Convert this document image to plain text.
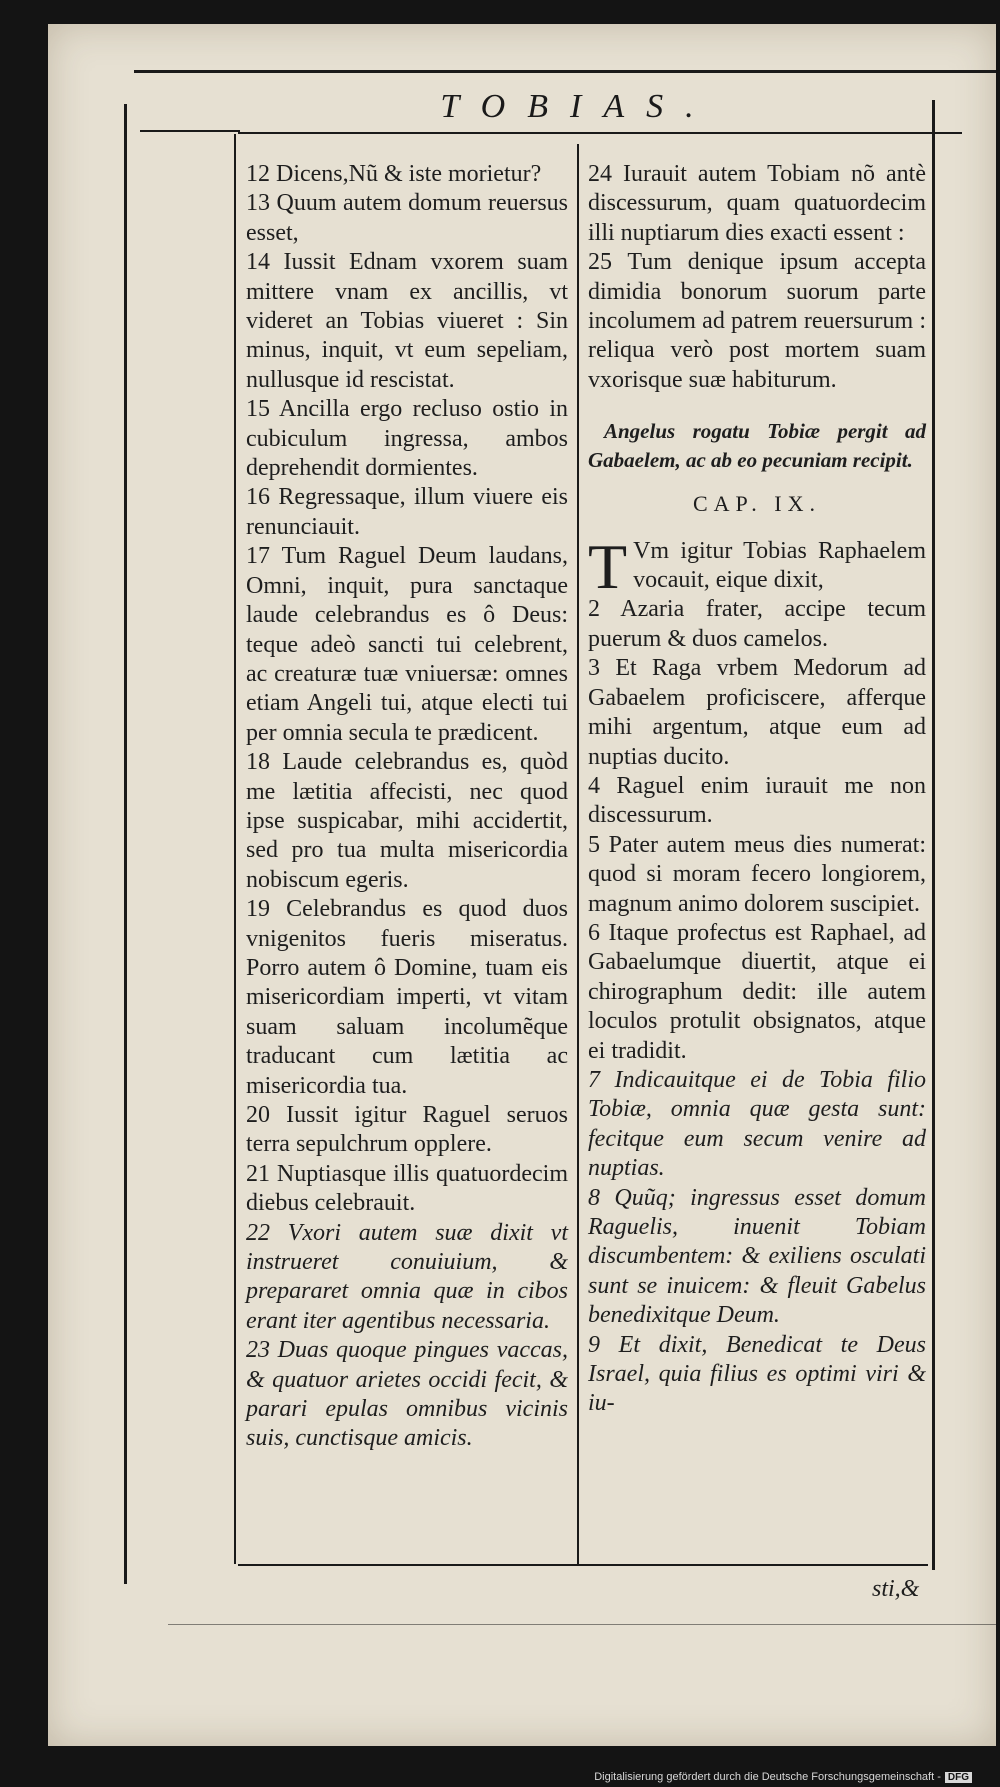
TOBIAS.

12 Dicens,Nũ & iste morietur?

13 Quum autem domum reuersus esset,

14 Iussit Ednam vxorem suam mittere vnam ex ancillis, vt videret an Tobias viueret : Sin minus, inquit, vt eum sepeliam, nullusque id rescistat.

15 Ancilla ergo recluso ostio in cubiculum ingressa, ambos deprehendit dormientes.

16 Regressaque, illum viuere eis renunciauit.

17 Tum Raguel Deum laudans, Omni, inquit, pura sanctaque laude celebrandus es ô Deus: teque adeò sancti tui celebrent, ac creaturæ tuæ vniuersæ: omnes etiam Angeli tui, atque electi tui per omnia secula te prædicent.

18 Laude celebrandus es, quòd me lætitia affecisti, nec quod ipse suspicabar, mihi accidertit, sed pro tua multa misericordia nobiscum egeris.

19 Celebrandus es quod duos vnigenitos fueris miseratus. Porro autem ô Domine, tuam eis misericordiam imperti, vt vitam suam saluam incolumẽque traducant cum lætitia ac misericordia tua.

20 Iussit igitur Raguel seruos terra sepulchrum opplere.

21 Nuptiasque illis quatuordecim diebus celebrauit.

22 Vxori autem suæ dixit vt instrueret conuiuium, & prepararet omnia quæ in cibos erant iter agentibus necessaria.

23 Duas quoque pingues vaccas, & quatuor arietes occidi fecit, & parari epulas omnibus vicinis suis, cunctisque amicis.

24 Iurauit autem Tobiam nõ antè discessurum, quam quatuordecim illi nuptiarum dies exacti essent :

25 Tum denique ipsum accepta dimidia bonorum suorum parte incolumem ad patrem reuersurum : reliqua verò post mortem suam vxorisque suæ habiturum.

Angelus rogatu Tobiæ pergit ad Gabaelem, ac ab eo pecuniam recipit.

CAP. IX.

T Vm igitur Tobias Raphaelem vocauit, eique dixit,

2 Azaria frater, accipe tecum puerum & duos camelos.

3 Et Raga vrbem Medorum ad Gabaelem proficiscere, afferque mihi argentum, atque eum ad nuptias ducito.

4 Raguel enim iurauit me non discessurum.

5 Pater autem meus dies numerat: quod si moram fecero longiorem, magnum animo dolorem suscipiet.

6 Itaque profectus est Raphael, ad Gabaelumque diuertit, atque ei chirographum dedit: ille autem loculos protulit obsignatos, atque ei tradidit.

7 Indicauitque ei de Tobia filio Tobiæ, omnia quæ gesta sunt: fecitque eum secum venire ad nuptias.

8 Quũq; ingressus esset domum Raguelis, inuenit Tobiam discumbentem: & exiliens osculati sunt se inuicem: & fleuit Gabelus benedixitque Deum.

9 Et dixit, Benedicat te Deus Israel, quia filius es optimi viri & iu-

sti,&
Digitalisierung gefördert durch die Deutsche Forschungsgemeinschaft - DFG
